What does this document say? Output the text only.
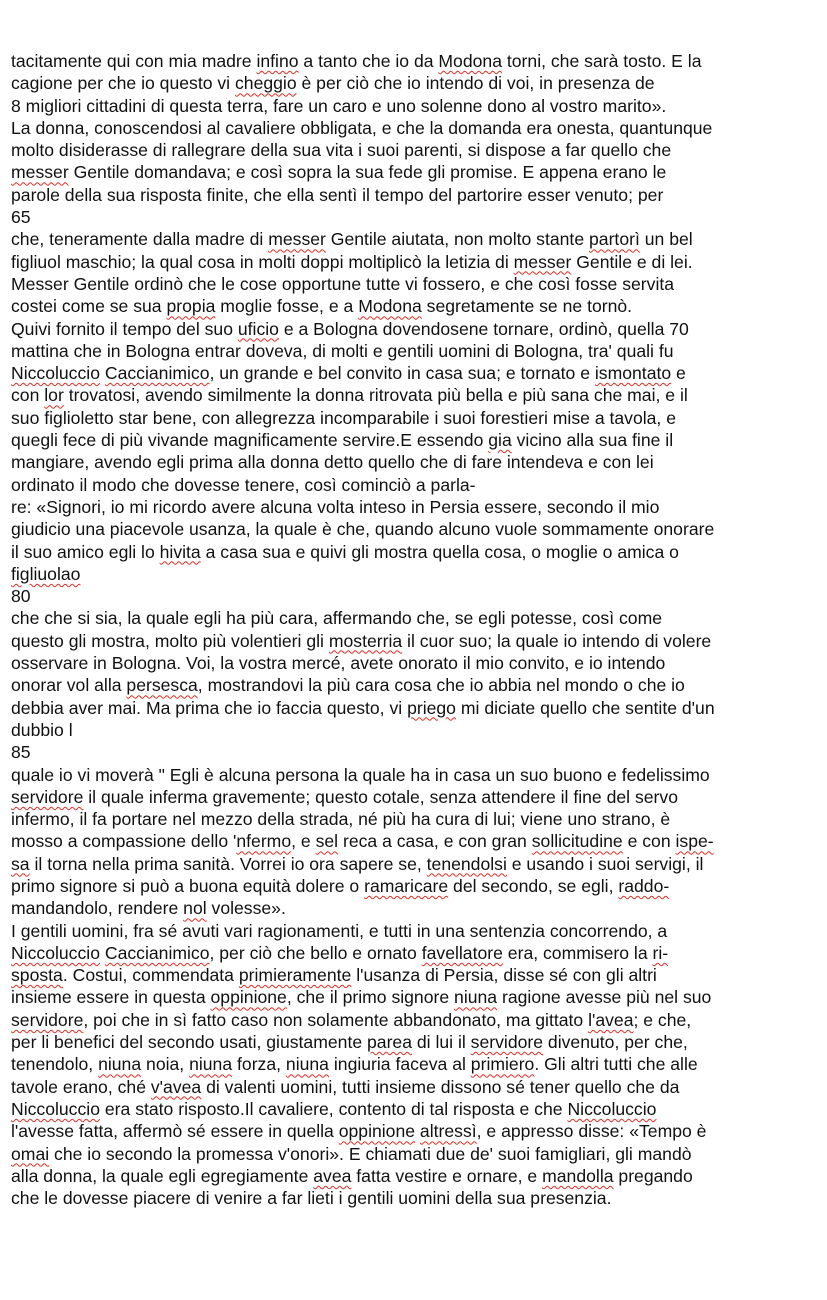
tacitamente qui con mia madre infino a tanto che io da Modona torni, che sarà tosto. E la
cagione per che io questo vi cheggio è per ciò che io intendo di voi, in presenza de
8 migliori cittadini di questa terra, fare un caro e uno solenne dono al vostro marito».
La donna, conoscendosi al cavaliere obbligata, e che la domanda era onesta, quantunque
molto disiderasse di rallegrare della sua vita i suoi parenti, si dispose a far quello che
messer Gentile domandava; e così sopra la sua fede gli promise. E appena erano le
parole della sua risposta finite, che ella sentì il tempo del partorire esser venuto; per
65
che, teneramente dalla madre di messer Gentile aiutata, non molto stante partorì un bel
figliuol maschio; la qual cosa in molti doppi moltiplicò la letizia di messer Gentile e di lei.
Messer Gentile ordinò che le cose opportune tutte vi fossero, e che così fosse servita
costei come se sua propia moglie fosse, e a Modona segretamente se ne tornò.
Quivi fornito il tempo del suo uficio e a Bologna dovendosene tornare, ordinò, quella 70
mattina che in Bologna entrar doveva, di molti e gentili uomini di Bologna, tra' quali fu
Niccoluccio Caccianimico, un grande e bel convito in casa sua; e tornato e ismontato e
con lor trovatosi, avendo similmente la donna ritrovata più bella e più sana che mai, e il
suo figlioletto star bene, con allegrezza incomparabile i suoi forestieri mise a tavola, e
quegli fece di più vivande magnificamente servire.E essendo gia vicino alla sua fine il
mangiare, avendo egli prima alla donna detto quello che di fare intendeva e con lei
ordinato il modo che dovesse tenere, così cominciò a parla-
re: «Signori, io mi ricordo avere alcuna volta inteso in Persia essere, secondo il mio
giudicio una piacevole usanza, la quale è che, quando alcuno vuole sommamente onorare
il suo amico egli lo hivita a casa sua e quivi gli mostra quella cosa, o moglie o amica o
figliuolao
80
che che si sia, la quale egli ha più cara, affermando che, se egli potesse, così come
questo gli mostra, molto più volentieri gli mosterria il cuor suo; la quale io intendo di volere
osservare in Bologna. Voi, la vostra mercé, avete onorato il mio convito, e io intendo
onorar vol alla persesca, mostrandovi la più cara cosa che io abbia nel mondo o che io
debbia aver mai. Ma prima che io faccia questo, vi priego mi diciate quello che sentite d'un
dubbio l
85
quale io vi moverà " Egli è alcuna persona la quale ha in casa un suo buono e fedelissimo
servidore il quale inferma gravemente; questo cotale, senza attendere il fine del servo
infermo, il fa portare nel mezzo della strada, né più ha cura di lui; viene uno strano, è
mosso a compassione dello 'nfermo, e sel reca a casa, e con gran sollicitudine e con ispe-
sa il torna nella prima sanità. Vorrei io ora sapere se, tenendolsi e usando i suoi servigi, il
primo signore si può a buona equità dolere o ramaricare del secondo, se egli, raddo-
mandandolo, rendere nol volesse».
I gentili uomini, fra sé avuti vari ragionamenti, e tutti in una sentenzia concorrendo, a
Niccoluccio Caccianimico, per ciò che bello e ornato favellatore era, commisero la ri-
sposta. Costui, commendata primieramente l'usanza di Persia, disse sé con gli altri
insieme essere in questa oppinione, che il primo signore niuna ragione avesse più nel suo
servidore, poi che in sì fatto caso non solamente abbandonato, ma gittato l'avea; e che,
per li benefici del secondo usati, giustamente parea di lui il servidore divenuto, per che,
tenendolo, niuna noia, niuna forza, niuna ingiuria faceva al primiero. Gli altri tutti che alle
tavole erano, ché v'avea di valenti uomini, tutti insieme dissono sé tener quello che da
Niccoluccio era stato risposto.Il cavaliere, contento di tal risposta e che Niccoluccio
l'avesse fatta, affermò sé essere in quella oppinione altressì, e appresso disse: «Tempo è
omai che io secondo la promessa v'onori». E chiamati due de' suoi famigliari, gli mandò
alla donna, la quale egli egregiamente avea fatta vestire e ornare, e mandolla pregando
che le dovesse piacere di venire a far lieti i gentili uomini della sua presenzia.
